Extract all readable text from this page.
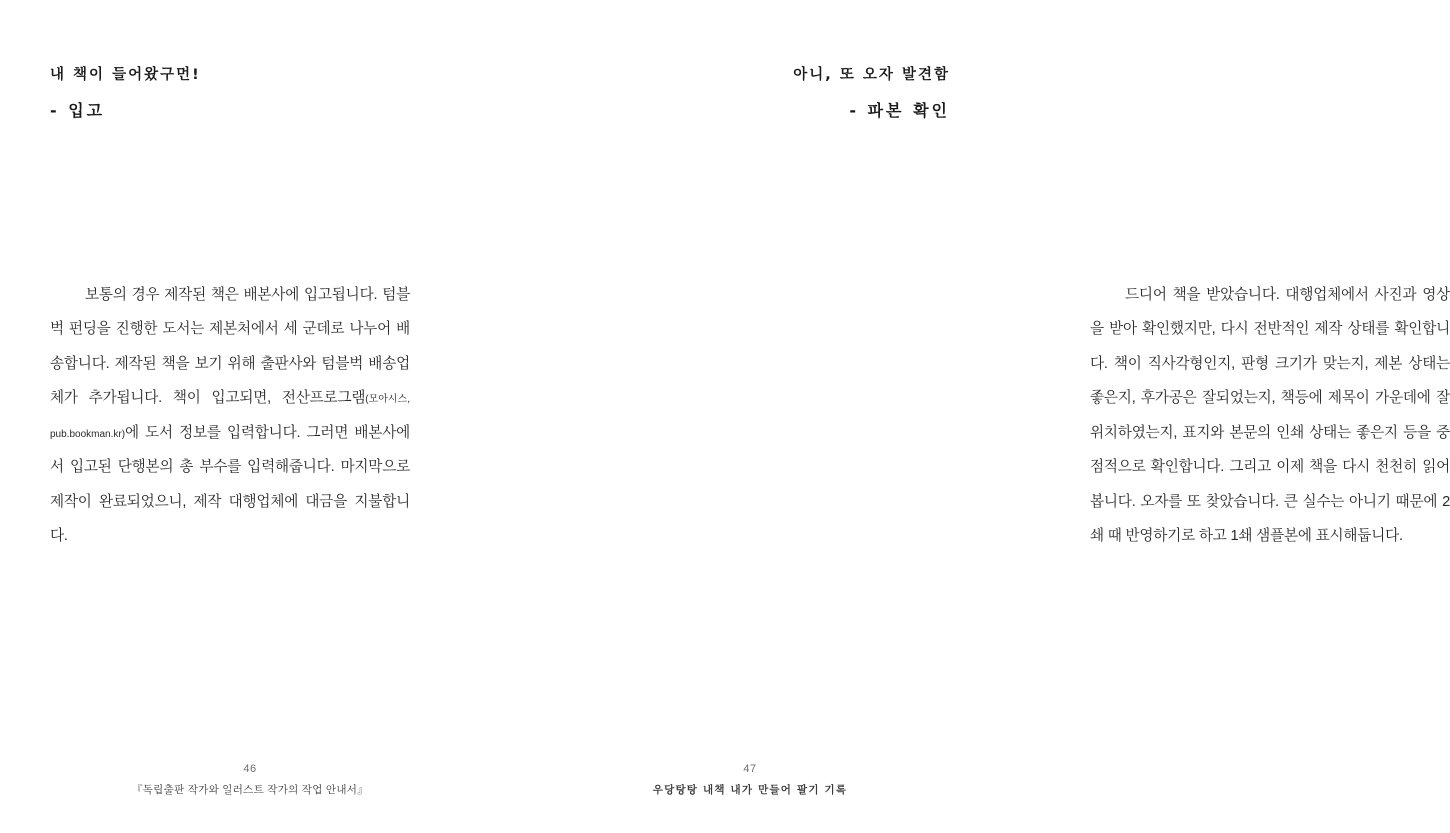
내 책이 들어왔구먼!
- 입고

보통의 경우 제작된 책은 배본사에 입고됩니다. 텀블벅 펀딩을 진행한 도서는 제본처에서 세 군데로 나누어 배송합니다. 제작된 책을 보기 위해 출판사와 텀블벅 배송업체가 추가됩니다. 책이 입고되면, 전산프로그램(모아시스, pub.bookman.kr)에 도서 정보를 입력합니다. 그러면 배본사에서 입고된 단행본의 총 부수를 입력해줍니다. 마지막으로 제작이 완료되었으니, 제작 대행업체에 대금을 지불합니다.

46
『독립출판 작가와 일러스트 작가의 작업 안내서』
아니, 또 오자 발견함
- 파본 확인

드디어 책을 받았습니다. 대행업체에서 사진과 영상을 받아 확인했지만, 다시 전반적인 제작 상태를 확인합니다. 책이 직사각형인지, 판형 크기가 맞는지, 제본 상태는 좋은지, 후가공은 잘되었는지, 책등에 제목이 가운데에 잘 위치하였는지, 표지와 본문의 인쇄 상태는 좋은지 등을 중점적으로 확인합니다. 그리고 이제 책을 다시 천천히 읽어봅니다. 오자를 또 찾았습니다. 큰 실수는 아니기 때문에 2쇄 때 반영하기로 하고 1쇄 샘플본에 표시해둡니다.

47
우당탕탕 내책 내가 만들어 팔기 기록
